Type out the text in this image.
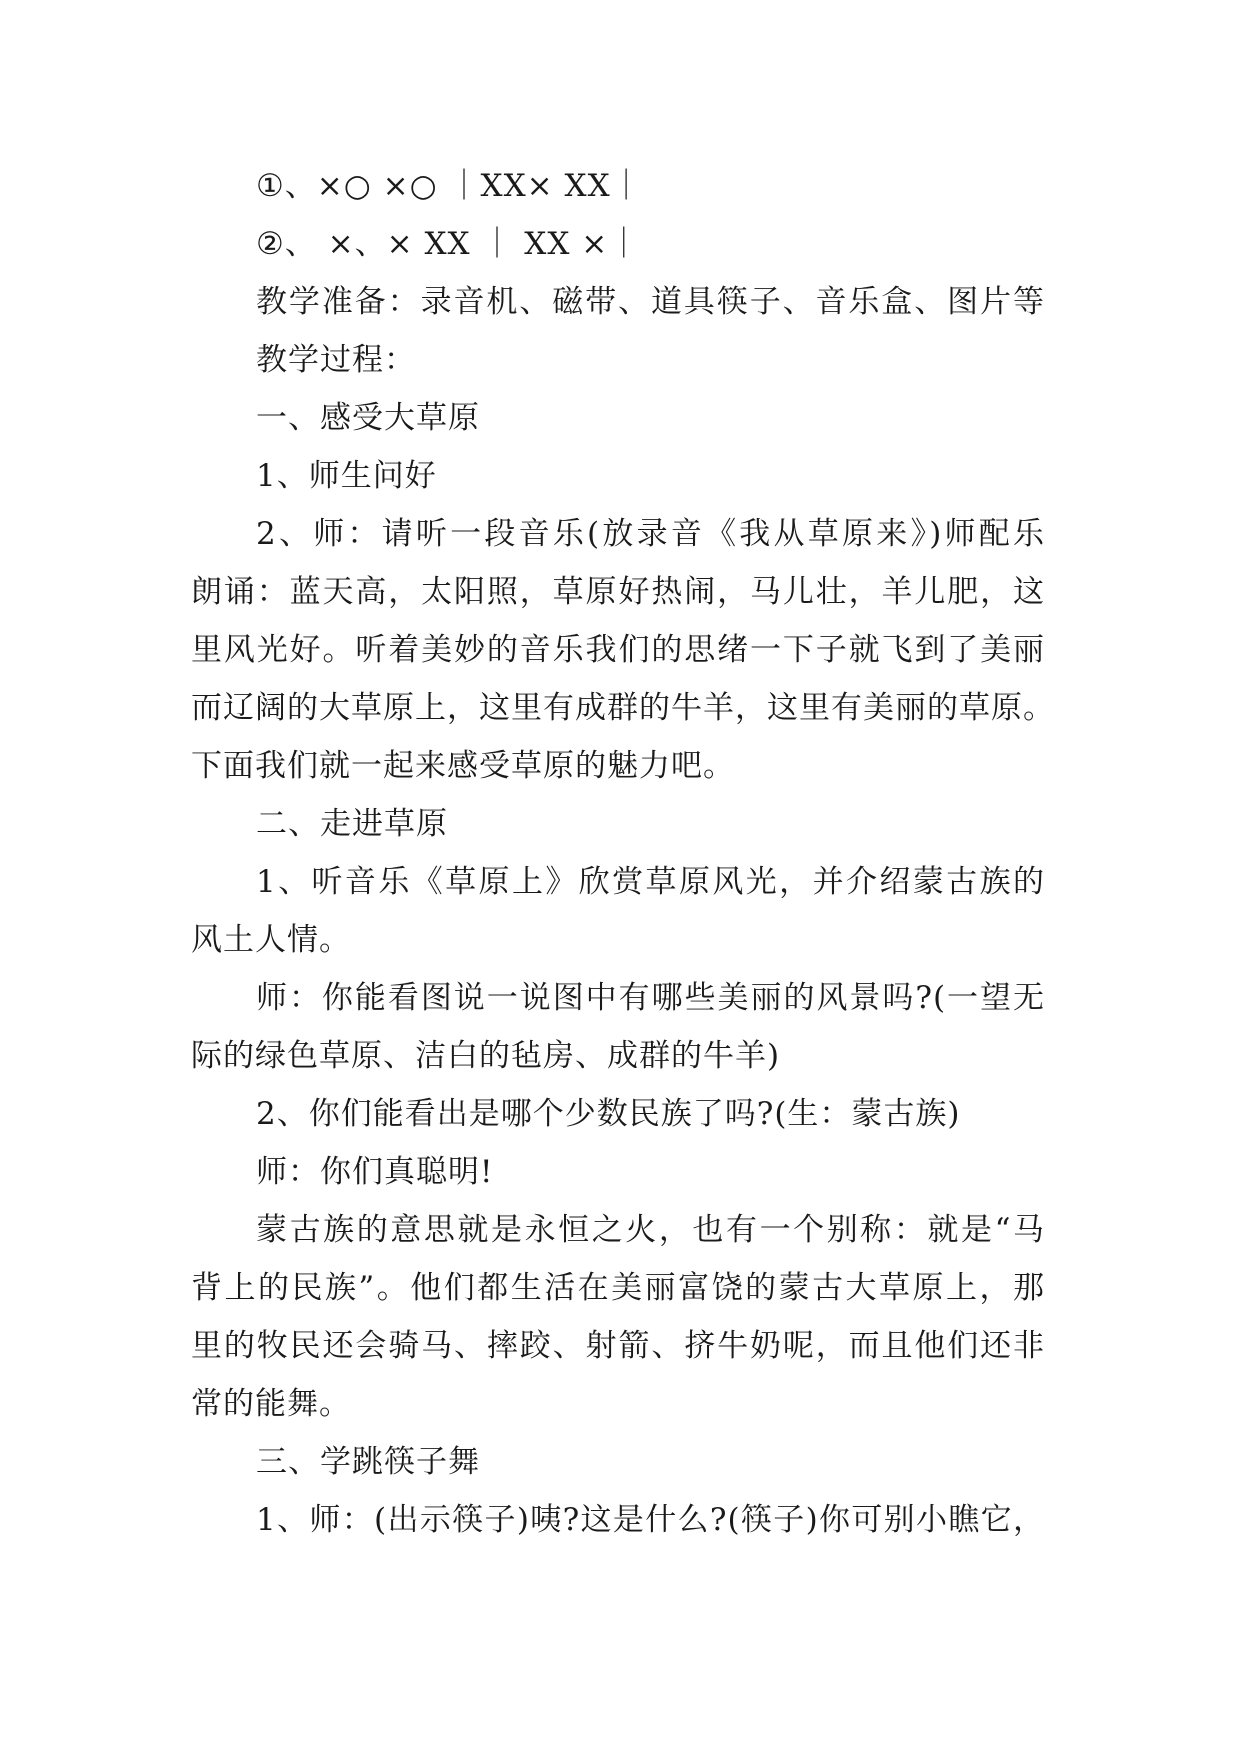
①、×○ ×○ ｜XX× XX｜
②、 ×、× XX ｜ XX ×｜
教学准备：录音机、磁带、道具筷子、音乐盒、图片等
教学过程：
一、感受大草原
1、师生问好
2、师：请听一段音乐(放录音《我从草原来》)师配乐
朗诵：蓝天高，太阳照，草原好热闹，马儿壮，羊儿肥，这
里风光好。听着美妙的音乐我们的思绪一下子就飞到了美丽
而辽阔的大草原上，这里有成群的牛羊，这里有美丽的草原。
下面我们就一起来感受草原的魅力吧。
二、走进草原
1、听音乐《草原上》欣赏草原风光，并介绍蒙古族的
风土人情。
师：你能看图说一说图中有哪些美丽的风景吗?(一望无
际的绿色草原、洁白的毡房、成群的牛羊)
2、你们能看出是哪个少数民族了吗?(生：蒙古族)
师：你们真聪明!
蒙古族的意思就是永恒之火，也有一个别称：就是“马
背上的民族”。他们都生活在美丽富饶的蒙古大草原上，那
里的牧民还会骑马、摔跤、射箭、挤牛奶呢，而且他们还非
常的能舞。
三、学跳筷子舞
1、师：(出示筷子)咦?这是什么?(筷子)你可别小瞧它，
